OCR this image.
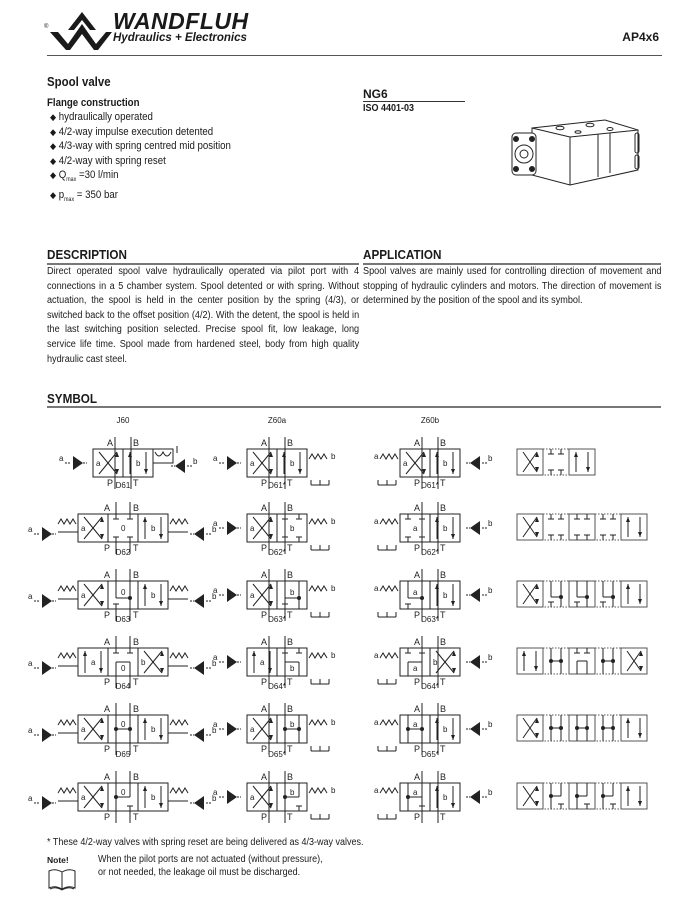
®	WANDFLUH
Hydraulics + Electronics	AP4x6
Spool valve
Flange construction
◆ hydraulically operated
◆ 4/2-way impulse execution detented
◆ 4/3-way with spring centred mid position
◆ 4/2-way with spring reset
◆ $Q_{max} =30$ l/min
◆ $p_{max} = 350$ bar
NG6
ISO 4401-03
DESCRIPTION
Direct operated spool valve hydraulically operated via pilot port with 4 connections in a 5 chamber system. Spool detented or with spring. Without actuation, the spool is held in the center position by the spring (4/3), or switched back to the offset position (4/2). With the detent, the spool is held in the last switching position selected. Precise spool fit, low leakage, long service life time. Spool made from hardened steel, body from high quality hydraulic cast steel.
APPLICATION
Spool valves are mainly used for controlling direction of movement and stopping of hydraulic cylinders and motors. The direction of movement is determined by the position of the spool and its symbol.
SYMBOL
J60
a	b
A B
P T
a	b
Z60a
a	b
a	b
A B
P T
Z60b
a	b
b
a
A B
P T
D61
a	0	b
A	B
P	T
a	b
D61*
a	b
a	b
A B
P T
D61*
a	b
b
a
A B
P T
D62
a	0	b
A	B
P	T
a	b
D62*
a	b
a	b
A B
P T
D62*
a	b
b
a
A B
P T
D63
a
0
b
A	B
P	T
a	b
D63*
a
b
a	b
A B
P T
D63*
a
b
b
a
A B
P T
D64
a
0
b
A	B
P	T
a	b
D64*
a
b
a	b
A B
P T
D64*
a
b
b
a
A B
P T
D65
a
0
b
A	B
P	T
a	b
D65*
a
b
a	b
A B
P T
D65*
a
b
b
a
A B
P T
* These 4/2-way valves with spring reset are being delivered as 4/3-way valves.
Note!	When the pilot ports are not actuated (without pressure), or not needed, the leakage oil must be discharged.
